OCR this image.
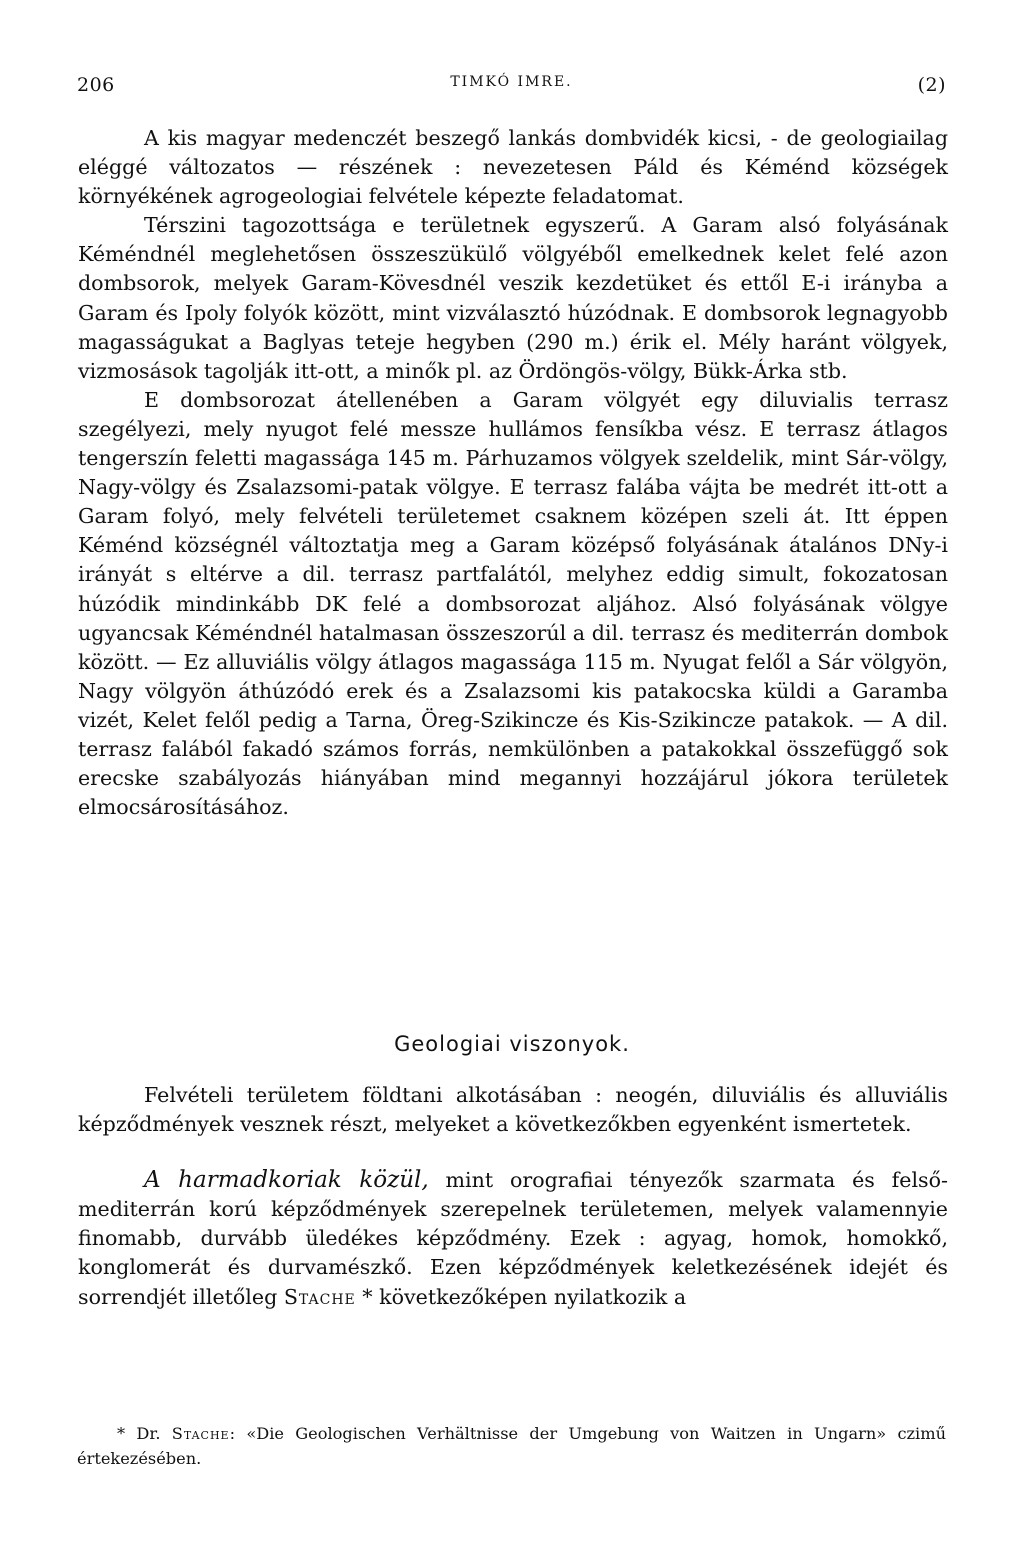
206	TIMKÓ IMRE.	(2)

A kis magyar medenczét beszegő lankás dombvidék kicsi, - de geologiailag eléggé változatos — részének : nevezetesen Páld és Kéménd községek környékének agrogeologiai felvétele képezte feladatomat.

Térszini tagozottsága e területnek egyszerű. A Garam alsó folyásának Kéméndnél meglehetősen összeszükülő völgyéből emelkednek kelet felé azon dombsorok, melyek Garam-Kövesdnél veszik kezdetüket és ettől E-i irányba a Garam és Ipoly folyók között, mint vizválasztó húzódnak. E dombsorok legnagyobb magasságukat a Baglyas teteje hegyben (290 m.) érik el. Mély haránt völgyek, vizmosások tagolják itt-ott, a minők pl. az Ördöngös-völgy, Bükk-Árka stb.

E dombsorozat átellenében a Garam völgyét egy diluvialis terrasz szegélyezi, mely nyugot felé messze hullámos fensíkba vész. E terrasz átlagos tengerszín feletti magassága 145 m. Párhuzamos völgyek szeldelik, mint Sár-völgy, Nagy-völgy és Zsalazsomi-patak völgye. E terrasz falába vájta be medrét itt-ott a Garam folyó, mely felvételi területemet csaknem középen szeli át. Itt éppen Kéménd községnél változtatja meg a Garam középső folyásának átalános DNy-i irányát s eltérve a dil. terrasz partfalától, melyhez eddig simult, fokozatosan húzódik mindinkább DK felé a dombsorozat aljához. Alsó folyásának völgye ugyancsak Kéméndnél hatalmasan összeszorúl a dil. terrasz és mediterrán dombok között. — Ez alluviális völgy átlagos magassága 115 m. Nyugat felől a Sár völgyön, Nagy völgyön áthúzódó erek és a Zsalazsomi kis patakocska küldi a Garamba vizét, Kelet felől pedig a Tarna, Öreg-Szikincze és Kis-Szikincze patakok. — A dil. terrasz falából fakadó számos forrás, nemkülönben a patakokkal összefüggő sok erecske szabályozás hiányában mind megannyi hozzájárul jókora területek elmocsárosításához.

Geologiai viszonyok.

Felvételi területem földtani alkotásában : neogén, diluviális és alluviális képződmények vesznek részt, melyeket a következőkben egyenként ismertetek.

A harmadkoriak közül, mint orografiai tényezők szarmata és felső-mediterrán korú képződmények szerepelnek területemen, melyek valamennyie finomabb, durvább üledékes képződmény. Ezek : agyag, homok, homokkő, konglomerát és durvamészkő. Ezen képződmények keletkezésének idejét és sorrendjét illetőleg Stache * következőképen nyilatkozik a

* Dr. Stache: «Die Geologischen Verhältnisse der Umgebung von Waitzen in Ungarn» czimű értekezésében.
